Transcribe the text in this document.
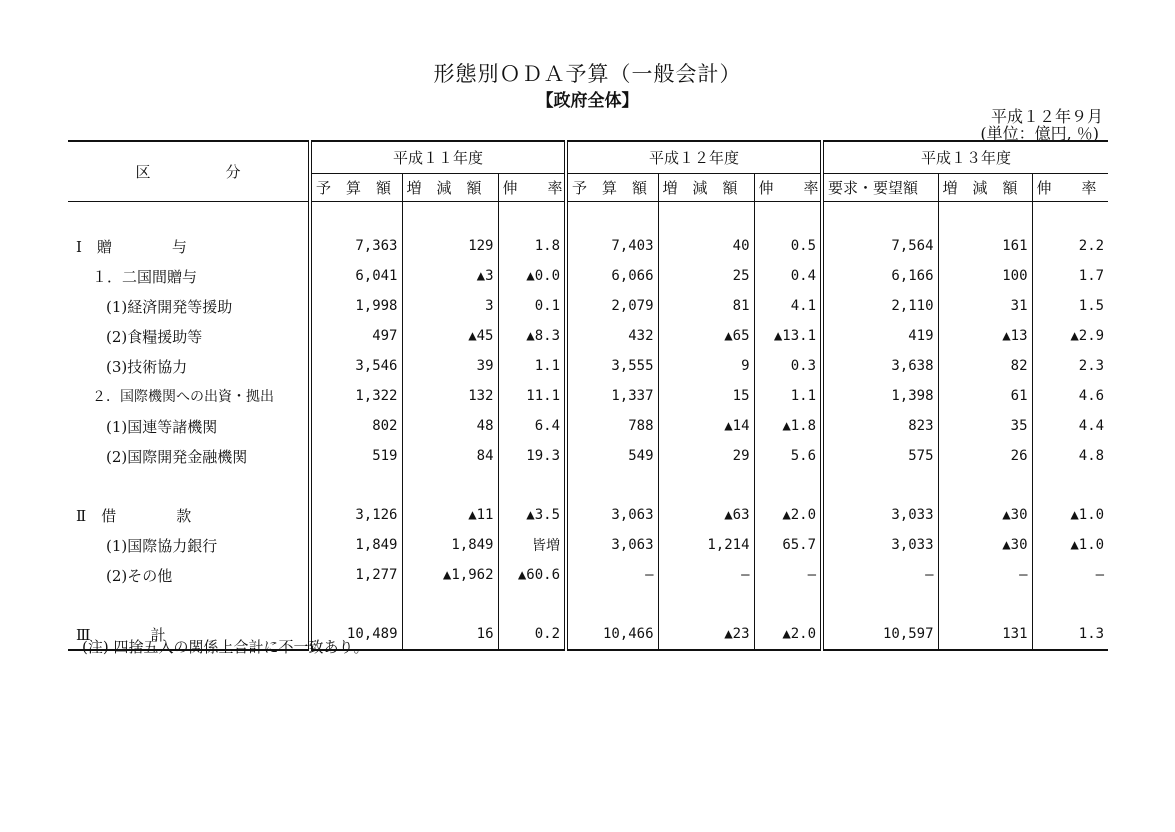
形態別ＯＤＡ予算（一般会計）
【政府全体】
平成１２年９月
(単位：億円, ％)
区　　　　　分	平成１１年度			平成１２年度			平成１３年度		
	予　算　額	増　減　額	伸　　率	予　算　額	増　減　額	伸　　率	要求・要望額	増　減　額	伸　　率

Ⅰ　贈　　　　与	7,363	129	1.8	7,403	40	0.5	7,564	161	2.2
１．二国間贈与	6,041	▲3	▲0.0	6,066	25	0.4	6,166	100	1.7
(1)経済開発等援助	1,998	3	0.1	2,079	81	4.1	2,110	31	1.5
(2)食糧援助等	497	▲45	▲8.3	432	▲65	▲13.1	419	▲13	▲2.9
(3)技術協力	3,546	39	1.1	3,555	9	0.3	3,638	82	2.3
２．国際機関への出資・拠出	1,322	132	11.1	1,337	15	1.1	1,398	61	4.6
(1)国連等諸機関	802	48	6.4	788	▲14	▲1.8	823	35	4.4
(2)国際開発金融機関	519	84	19.3	549	29	5.6	575	26	4.8

Ⅱ　借　　　　款	3,126	▲11	▲3.5	3,063	▲63	▲2.0	3,033	▲30	▲1.0
(1)国際協力銀行	1,849	1,849	皆増	3,063	1,214	65.7	3,033	▲30	▲1.0
(2)その他	1,277	▲1,962	▲60.6	—	—	—	—	—	—

Ⅲ　　　　計	10,489	16	0.2	10,466	▲23	▲2.0	10,597	131	1.3
(注) 四捨五入の関係上合計に不一致あり。
